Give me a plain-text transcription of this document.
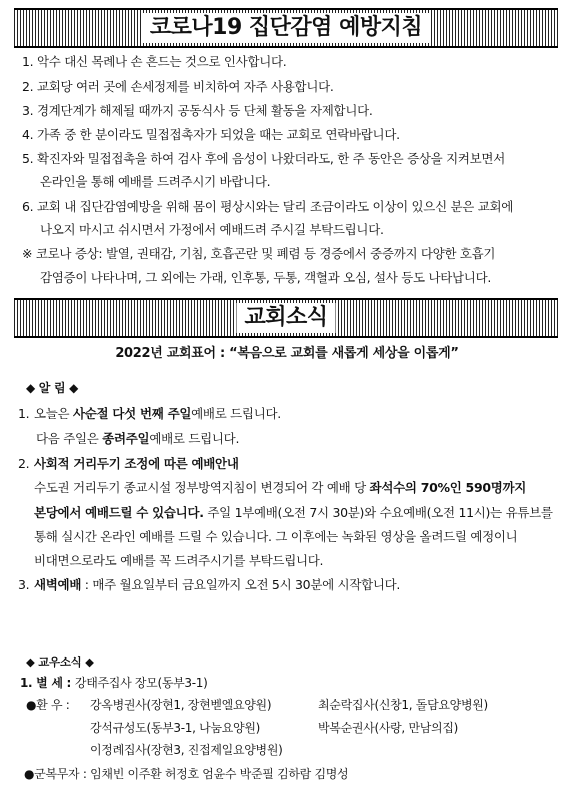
코로나19 집단감염 예방지침
1. 악수 대신 목례나 손 흔드는 것으로 인사합니다.
2. 교회당 여러 곳에 손세정제를 비치하여 자주 사용합니다.
3. 경계단계가 해제될 때까지 공동식사 등 단체 활동을 자제합니다.
4. 가족 중 한 분이라도 밀접접촉자가 되었을 때는 교회로 연락바랍니다.
5. 확진자와 밀접접촉을 하여 검사 후에 음성이 나왔더라도, 한 주 동안은 증상을 지켜보면서
온라인을 통해 예배를 드려주시기 바랍니다.
6. 교회 내 집단감염예방을 위해 몸이 평상시와는 달리 조금이라도 이상이 있으신 분은 교회에
나오지 마시고 쉬시면서 가정에서 예배드려 주시길 부탁드립니다.
※ 코로나 증상: 발열, 권태감, 기침, 호흡곤란 및 폐렴 등 경증에서 중증까지 다양한 호흡기
감염증이 나타나며, 그 외에는 가래, 인후통, 두통, 객혈과 오심, 설사 등도 나타납니다.
교회소식
2022년 교회표어 : “복음으로 교회를 새롭게 세상을 이롭게”
◆ 알 림 ◆
1. 오늘은 사순절 다섯 번째 주일예배로 드립니다.
다음 주일은 종려주일예배로 드립니다.
2. 사회적 거리두기 조정에 따른 예배안내
수도권 거리두기 종교시설 정부방역지침이 변경되어 각 예배 당 좌석수의 70%인 590명까지
본당에서 예배드릴 수 있습니다. 주일 1부예배(오전 7시 30분)와 수요예배(오전 11시)는 유튜브를
통해 실시간 온라인 예배를 드릴 수 있습니다. 그 이후에는 녹화된 영상을 올려드릴 예정이니
비대면으로라도 예배를 꼭 드려주시기를 부탁드립니다.
3. 새벽예배 : 매주 월요일부터 금요일까지 오전 5시 30분에 시작합니다.
◆ 교우소식 ◆
1. 별 세 : 강태주집사 장모(동부3-1)
●환 우 : 강옥병권사(장현1, 장현벧엘요양원)	최순락집사(신창1, 돌담요양병원)
강석규성도(동부3-1, 나눔요양원)	박복순권사(사랑, 만남의집)
이정례집사(장현3, 진접제일요양병원)
●군복무자 : 임채빈 이주환 허정호 엄윤수 박준필 김하람 김명성
